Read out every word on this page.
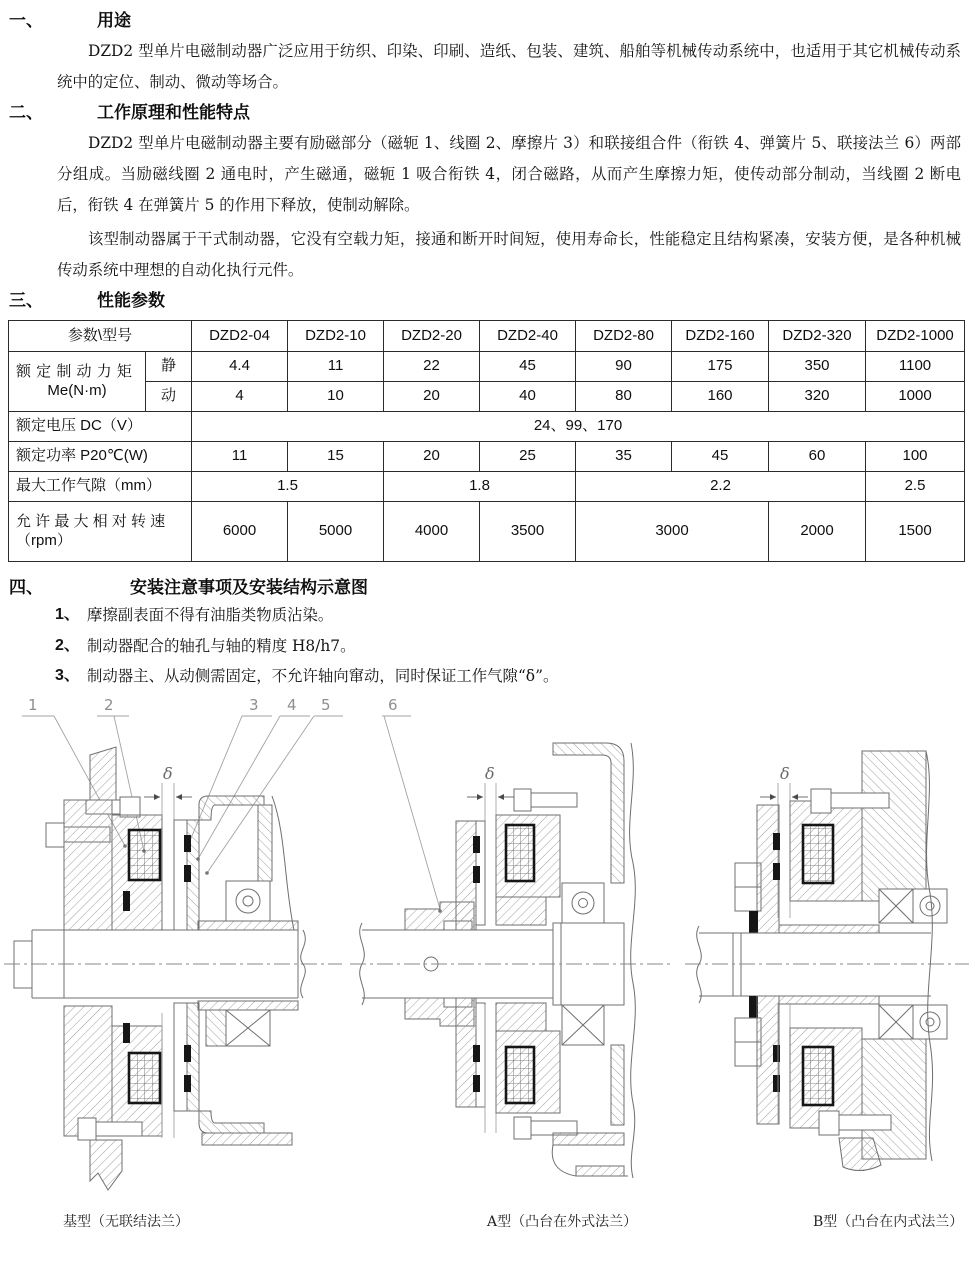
一、	用途

DZD2 型单片电磁制动器广泛应用于纺织、印染、印刷、造纸、包装、建筑、船舶等机械传动系统中，也适用于其它机械传动系统中的定位、制动、微动等场合。

二、	工作原理和性能特点

DZD2 型单片电磁制动器主要有励磁部分（磁轭 1、线圈 2、摩擦片 3）和联接组合件（衔铁 4、弹簧片 5、联接法兰 6）两部分组成。当励磁线圈 2 通电时，产生磁通，磁轭 1 吸合衔铁 4，闭合磁路，从而产生摩擦力矩，使传动部分制动，当线圈 2 断电后，衔铁 4 在弹簧片 5 的作用下释放，使制动解除。

该型制动器属于干式制动器，它没有空载力矩，接通和断开时间短，使用寿命长，性能稳定且结构紧凑，安装方便，是各种机械传动系统中理想的自动化执行元件。

三、	性能参数
参数\型号		DZD2-04	DZD2-10	DZD2-20	DZD2-40	DZD2-80	DZD2-160	DZD2-320	DZD2-1000

额 定 制 动 力 矩
Me(N·m)	静	4.4	11	22	45	90	175	350	1100
	动	4	10	20	40	80	160	320	1000
额定电压 DC（V）		24、99、170							
额定功率 P20℃(W)		11	15	20	25	35	45	60	100
最大工作气隙（mm）		1.5		1.8		2.2			2.5

允 许 最 大 相 对 转 速
（rpm）		6000	5000	4000	3500	3000		2000	1500
四、	安装注意事项及安装结构示意图
1、 摩擦副表面不得有油脂类物质沾染。
2、 制动器配合的轴孔与轴的精度 H8/h7。
3、 制动器主、从动侧需固定，不允许轴向窜动，同时保证工作气隙“δ”。
1	2	3 4 5
δ
6
δ	δ
基型（无联结法兰）	A型（凸台在外式法兰）	B型（凸台在内式法兰）
